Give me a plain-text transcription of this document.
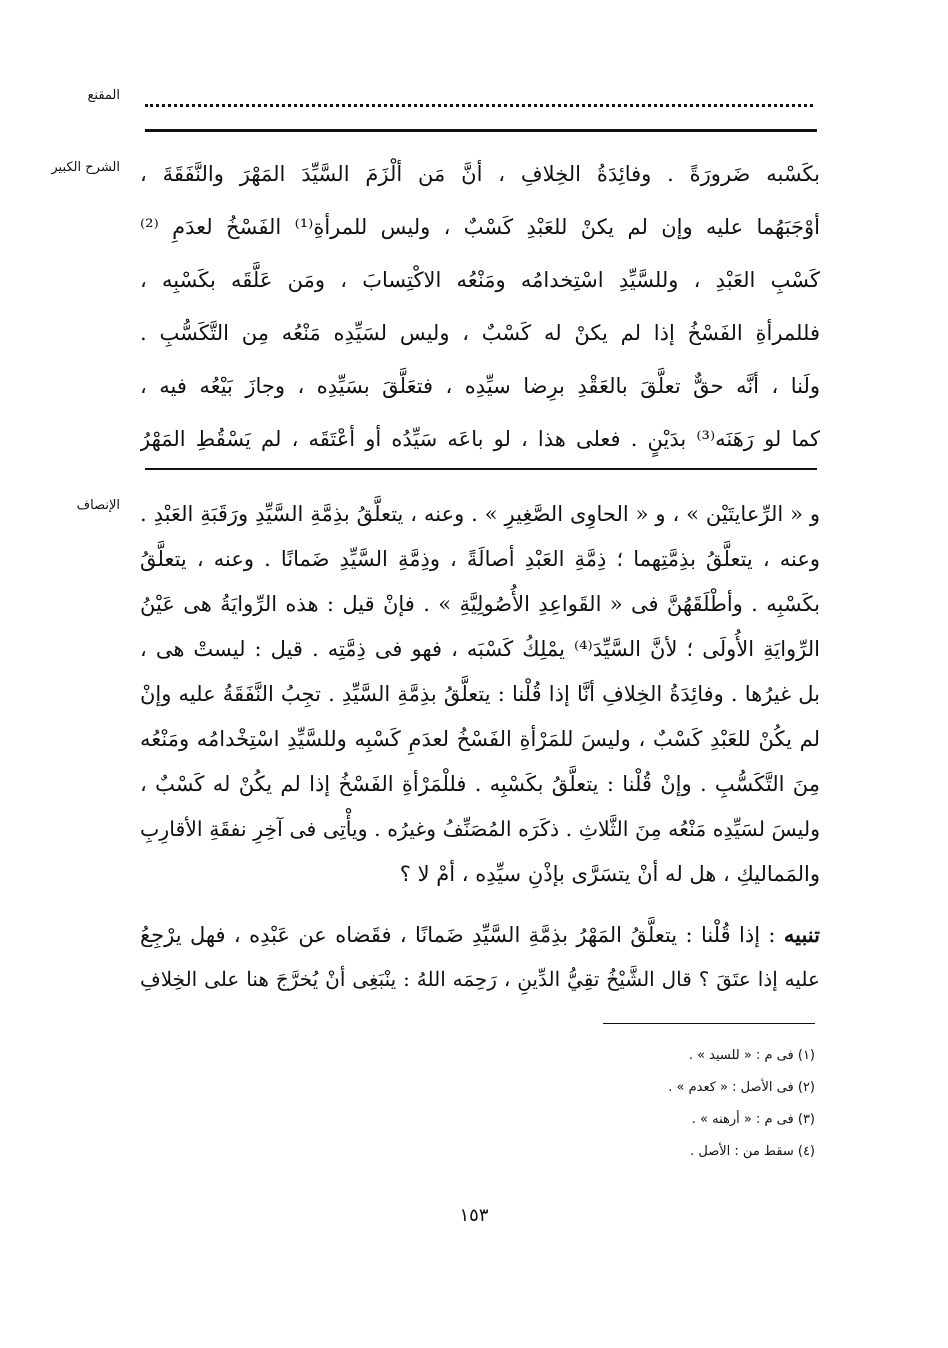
المقنع
الشرح الكبير بكَسْبه ضَرورَةً . وفائِدَةُ الخِلافِ ، أنَّ مَن ألْزَمَ السَّيِّدَ المَهْرَ والنَّفَقَةَ ،
أوْجَبَهُما عليه وإن لم يكنْ للعَبْدِ كَسْبٌ ، وليس للمرأةِ⁽¹⁾ الفَسْخُ لعدَمِ ⁽²⁾
كَسْبِ العَبْدِ ، وللسَّيِّدِ اسْتِخدامُه ومَنْعُه الاكْتِسابَ ، ومَن عَلَّقَه بكَسْبِه ،
فللمرأةِ الفَسْخُ إذا لم يكنْ له كَسْبٌ ، وليس لسَيِّدِه مَنْعُه مِن التَّكَسُّبِ .
ولَنا ، أنَّه حقٌّ تعلَّقَ بالعَقْدِ برِضا سيِّدِه ، فتعَلَّقَ بسَيِّدِه ، وجازَ بَيْعُه فيه ،
كما لو رَهَنَه⁽³⁾ بدَيْنٍ . فعلى هذا ، لو باعَه سَيِّدُه أو أعْتَقَه ، لم يَسْقُطِ المَهْرُ
الإنصاف و « الرِّعايتَيْن » ، و « الحاوِى الصَّغِيرِ » . وعنه ، يتعلَّقُ بذِمَّةِ السَّيِّدِ ورَقَبَةِ العَبْدِ .
وعنه ، يتعلَّقُ بذِمَّتِهما ؛ ذِمَّةِ العَبْدِ أصالَةً ، وذِمَّةِ السَّيِّدِ ضَمانًا . وعنه ، يتعلَّقُ
بكَسْبِه . وأطْلَقَهُنَّ فى « القَواعِدِ الأُصُولِيَّةِ » . فإنْ قيل : هذه الرِّوايَةُ هى عَيْنُ
الرِّوايَةِ الأُولَى ؛ لأنَّ السَّيِّدَ⁽⁴⁾ يمْلِكُ كَسْبَه ، فهو فى ذِمَّتِه . قيل : ليستْ هى ،
بل غيرُها . وفائِدَةُ الخِلافِ أنَّا إذا قُلْنا : يتعلَّقُ بذِمَّةِ السَّيِّدِ . تجِبُ النَّفَقَةُ عليه وإنْ
لم يكُنْ للعَبْدِ كَسْبٌ ، وليسَ للمَرْأةِ الفَسْخُ لعدَمِ كَسْبِه وللسَّيِّدِ اسْتِخْدامُه ومَنْعُه
مِنَ التَّكَسُّبِ . وإنْ قُلْنا : يتعلَّقُ بكَسْبِه . فللْمَرْأةِ الفَسْخُ إذا لم يكُنْ له كَسْبٌ ،
وليسَ لسَيِّدِه مَنْعُه مِنَ الثَّلاثِ . ذكَرَه المُصَنِّفُ وغيرُه . ويأْتِى فى آخِرِ نفقَةِ الأقارِبِ
والمَماليكِ ، هل له أنْ يتسَرَّى بإذْنِ سيِّدِه ، أمْ لا ؟
تنبيه : إذا قُلْنا : يتعلَّقُ المَهْرُ بذِمَّةِ السَّيِّدِ ضَمانًا ، فقَضاه عن عَبْدِه ، فهل يرْجِعُ
عليه إذا عتَقَ ؟ قال الشَّيْخُ تقِيُّ الدِّينِ ، رَحِمَه اللهُ : ينْبَغِى أنْ يُخرَّجَ هنا على الخِلافِ
(١) فى م : « للسيد » .
(٢) فى الأصل : « كعدم » .
(٣) فى م : « أرهنه » .
(٤) سقط من : الأصل .
١٥٣
